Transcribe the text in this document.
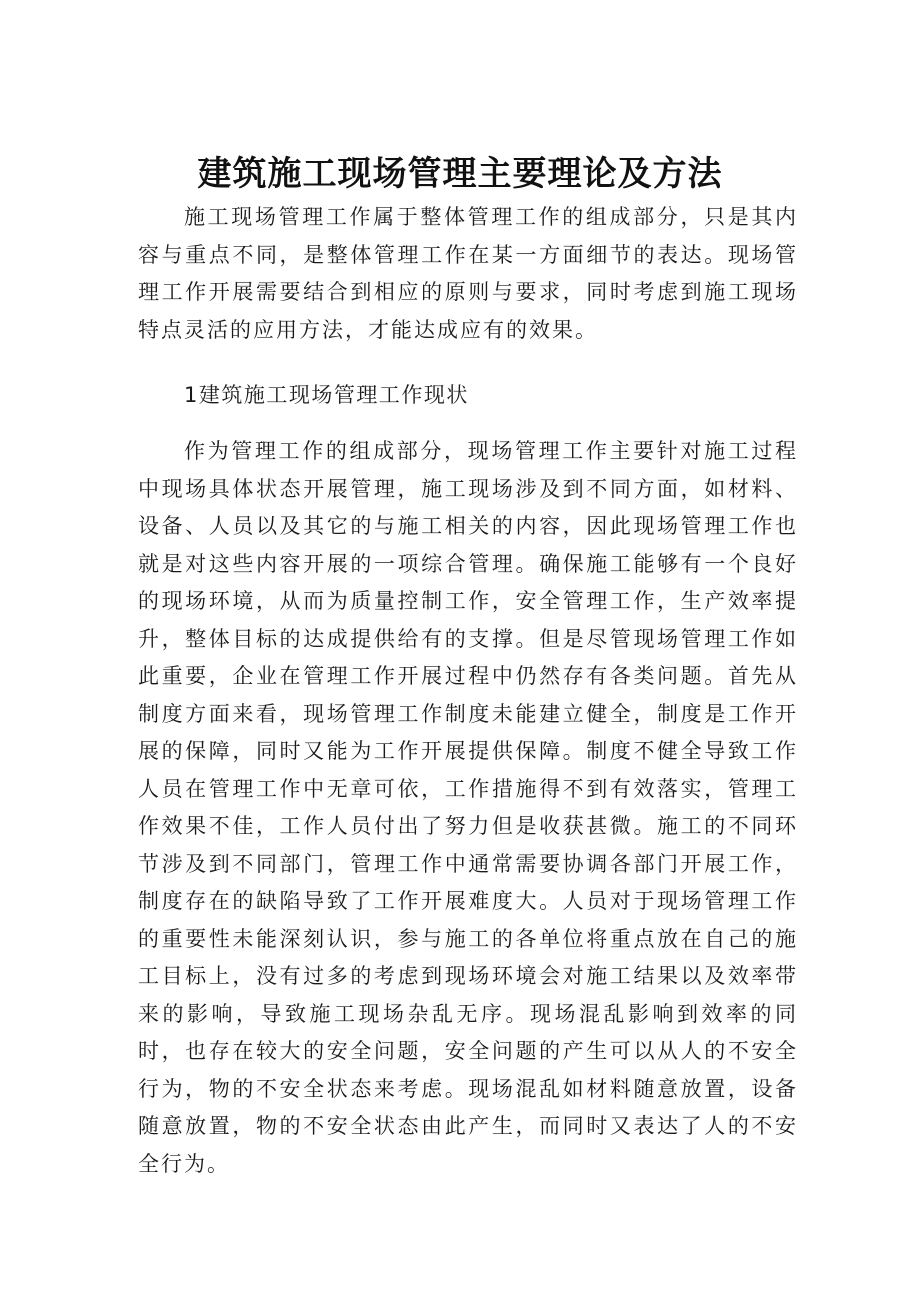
建筑施工现场管理主要理论及方法

施工现场管理工作属于整体管理工作的组成部分，只是其内容与重点不同，是整体管理工作在某一方面细节的表达。现场管理工作开展需要结合到相应的原则与要求，同时考虑到施工现场特点灵活的应用方法，才能达成应有的效果。

1建筑施工现场管理工作现状

作为管理工作的组成部分，现场管理工作主要针对施工过程中现场具体状态开展管理，施工现场涉及到不同方面，如材料、设备、人员以及其它的与施工相关的内容，因此现场管理工作也就是对这些内容开展的一项综合管理。确保施工能够有一个良好的现场环境，从而为质量控制工作，安全管理工作，生产效率提升，整体目标的达成提供给有的支撑。但是尽管现场管理工作如此重要，企业在管理工作开展过程中仍然存有各类问题。首先从制度方面来看，现场管理工作制度未能建立健全，制度是工作开展的保障，同时又能为工作开展提供保障。制度不健全导致工作人员在管理工作中无章可依，工作措施得不到有效落实，管理工作效果不佳，工作人员付出了努力但是收获甚微。施工的不同环节涉及到不同部门，管理工作中通常需要协调各部门开展工作，制度存在的缺陷导致了工作开展难度大。人员对于现场管理工作的重要性未能深刻认识，参与施工的各单位将重点放在自己的施工目标上，没有过多的考虑到现场环境会对施工结果以及效率带来的影响，导致施工现场杂乱无序。现场混乱影响到效率的同时，也存在较大的安全问题，安全问题的产生可以从人的不安全行为，物的不安全状态来考虑。现场混乱如材料随意放置，设备随意放置，物的不安全状态由此产生，而同时又表达了人的不安全行为。
